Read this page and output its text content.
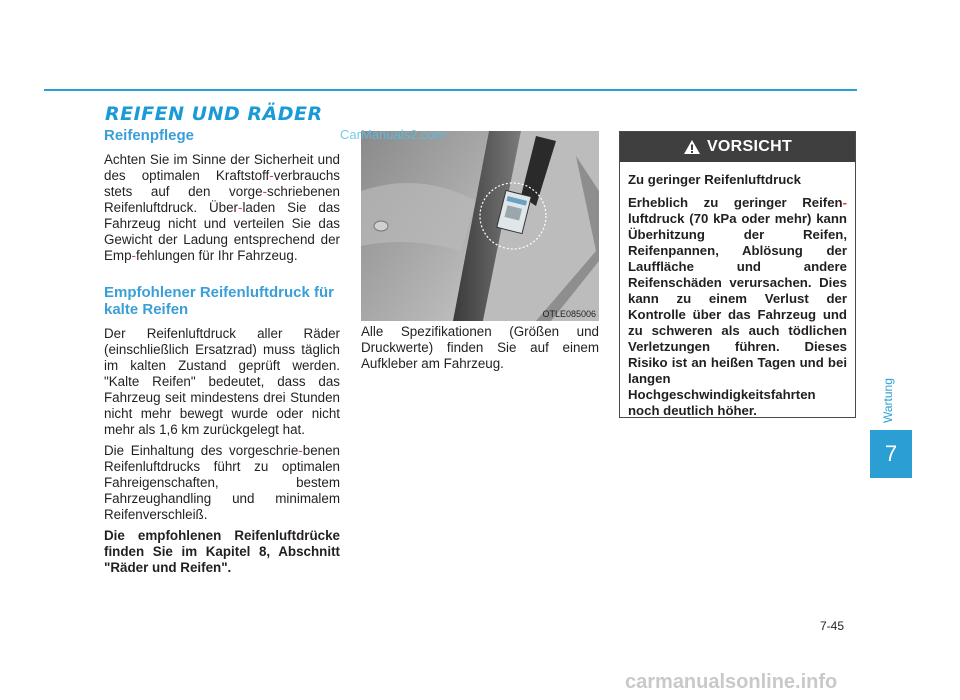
REIFEN UND RÄDER
Reifenpflege

Achten Sie im Sinne der Sicherheit und des optimalen Kraftstoff-verbrauchs stets auf den vorge-schriebenen Reifenluftdruck. Über-laden Sie das Fahrzeug nicht und verteilen Sie das Gewicht der Ladung entsprechend der Emp-fehlungen für Ihr Fahrzeug.

Empfohlener Reifenluftdruck für kalte Reifen

Der Reifenluftdruck aller Räder (einschließlich Ersatzrad) muss täglich im kalten Zustand geprüft werden. "Kalte Reifen" bedeutet, dass das Fahrzeug seit mindestens drei Stunden nicht mehr bewegt wurde oder nicht mehr als 1,6 km zurückgelegt hat.

Die Einhaltung des vorgeschrie-benen Reifenluftdrucks führt zu optimalen Fahreigenschaften, bestem Fahrzeughandling und minimalem Reifenverschleiß.

Die empfohlenen Reifenluftdrücke finden Sie im Kapitel 8, Abschnitt "Räder und Reifen".

OTLE085006
CarManuals2.com

Alle Spezifikationen (Größen und Druckwerte) finden Sie auf einem Aufkleber am Fahrzeug.

VORSICHT

Zu geringer Reifenluftdruck

Erheblich zu geringer Reifen-luftdruck (70 kPa oder mehr) kann Überhitzung der Reifen, Reifenpannen, Ablösung der Lauffläche und andere Reifenschäden verursachen. Dies kann zu einem Verlust der Kontrolle über das Fahrzeug und zu schweren als auch tödlichen Verletzungen führen. Dieses Risiko ist an heißen Tagen und bei langen Hochgeschwindigkeitsfahrten noch deutlich höher.	Wartung
7
7-45
carmanualsonline.info
